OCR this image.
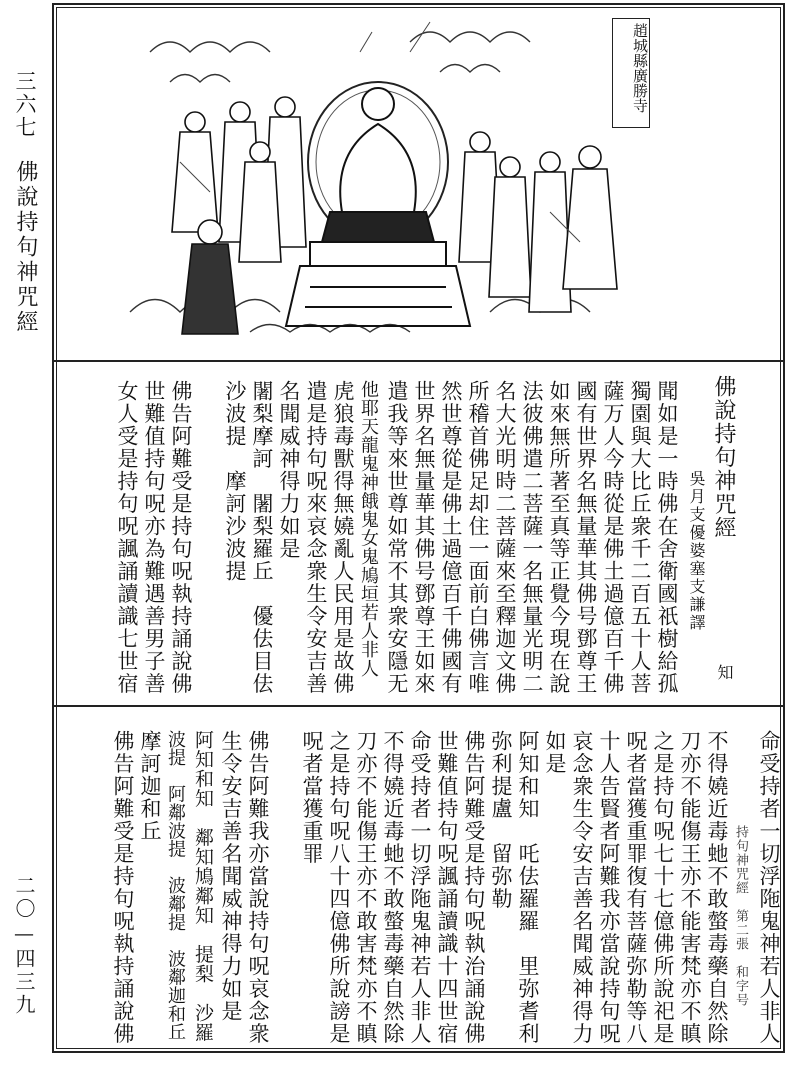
三六七
佛說持句神咒經
二〇—四三九
趙城縣廣勝寺
佛說持句神咒經
吳月支優婆塞支謙譯
知
聞如是一時佛在舍衛國祇樹給孤
獨園與大比丘衆千二百五十人菩
薩万人今時從是佛土過億百千佛
國有世界名無量華其佛号鄧尊王
如來無所著至真等正覺今現在說
法彼佛遣二菩薩一名無量光明二
名大光明時二菩薩來至釋迦文佛
所稽首佛足却住一面前白佛言唯
然世尊從是佛土過億百千佛國有
世界名無量華其佛号鄧尊王如來
遣我等來世尊如常不其衆安隱无
他耶天龍鬼神餓鬼女鬼鳩垣若人非人
虎狼毒獸得無嬈亂人民用是故佛
遣是持句呪來哀念衆生令安吉善
名聞威神得力如是
闍梨摩訶　闍梨羅丘　優佉目佉
沙波提　摩訶沙波提
佛告阿難受是持句呪執持誦說佛
世難值持句呪亦為難遇善男子善
女人受是持句呪諷誦讀識七世宿
持句神咒經　第二張　和字号 命受持者一切浮陁鬼神若人非人
不得嬈近毒虵不敢螫毒藥自然除
刀亦不能傷王亦不能害梵亦不瞋
之是持句呪七十七億佛所說祀是
呪者當獲重罪復有菩薩弥勒等八
十人告賢者阿難我亦當說持句呪
哀念衆生令安吉善名聞威神得力
如是
阿知和知　吒佉羅羅　里弥耆利
弥利提盧　留弥勒
佛告阿難受是持句呪執治誦說佛
世難值持句呪諷誦讀識十四世宿
命受持者一切浮陁鬼神若人非人
不得嬈近毒虵不敢螫毒藥自然除
刀亦不能傷王亦不敢害梵亦不瞋
之是持句呪八十四億佛所說謗是
呪者當獲重罪
佛告阿難我亦當說持句呪哀念衆
生令安吉善名聞威神得力如是
阿知和知　鄰知鳩鄰知　提梨　沙羅
波提　阿鄰波提　波鄰提　波鄰迦和丘
摩訶迦和丘
佛告阿難受是持句呪執持誦說佛
